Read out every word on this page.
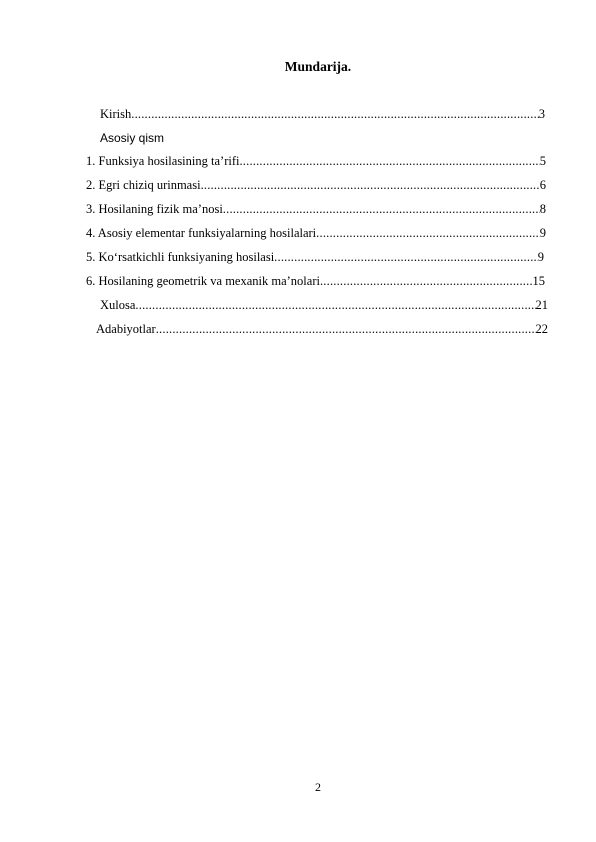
Mundarija.
Kirish .....	3
Asosiy qism
1. Funksiya hosilasining ta’rifi .....	5
2. Egri chiziq urinmasi .....	6
3. Hosilaning fizik ma’nosi .....	8
4. Asosiy elementar funksiyalarning hosilalari .....	9
5. Ko‘rsatkichli funksiyaning hosilasi .....	9
6. Hosilaning geometrik va mexanik ma’nolari .....	15
Xulosa .....	21
Adabiyotlar .....	22
2
